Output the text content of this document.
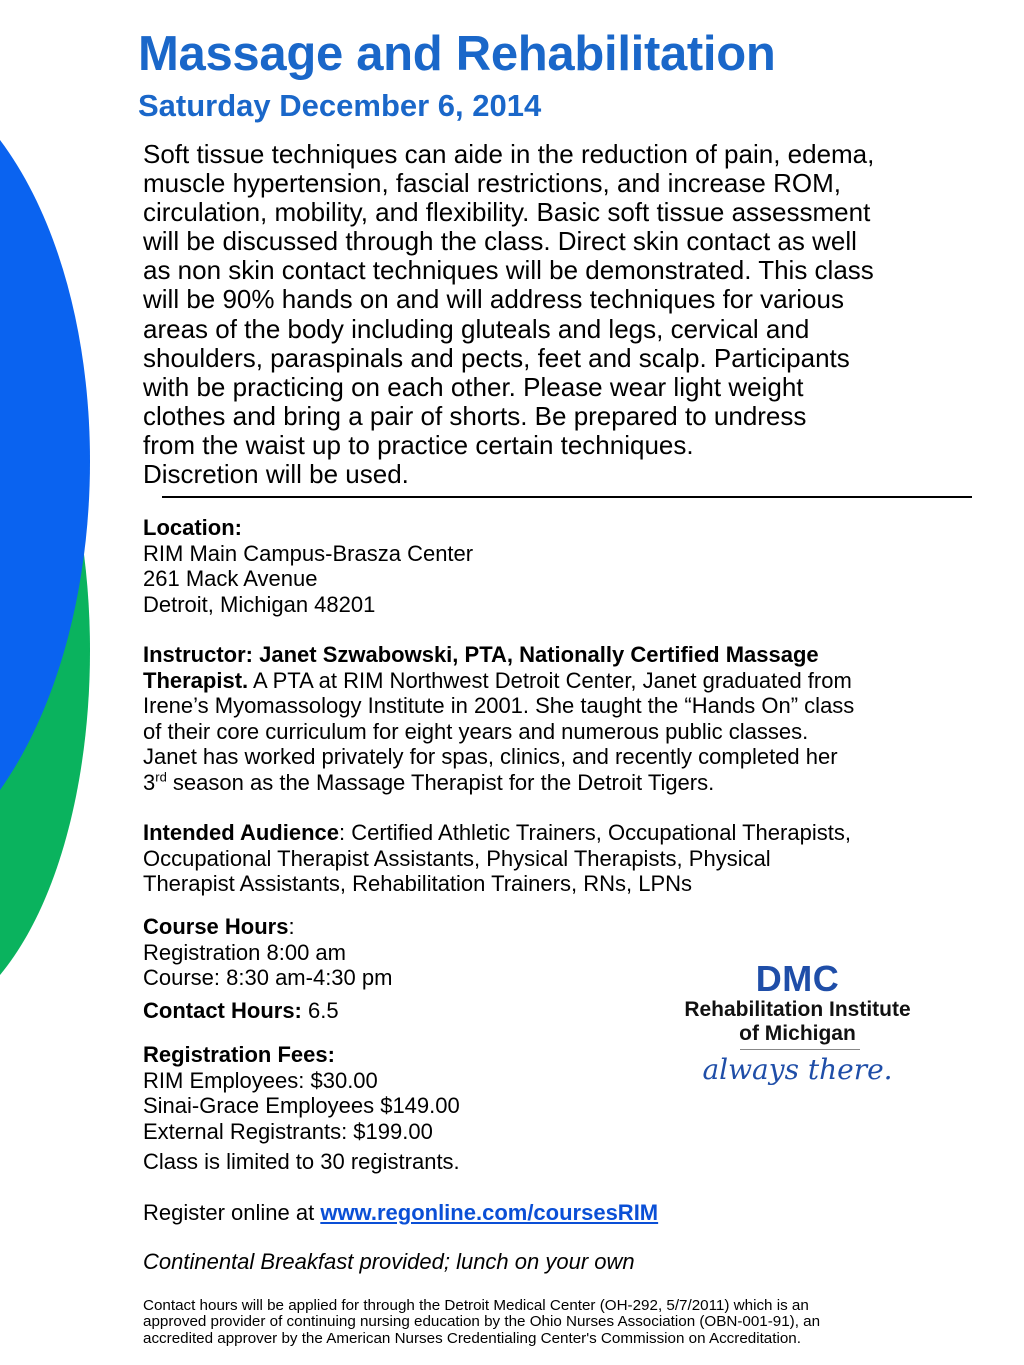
Massage and Rehabilitation
Saturday December 6, 2014
Soft tissue techniques can aide in the reduction of pain, edema,
muscle hypertension, fascial restrictions, and increase ROM,
circulation, mobility, and flexibility. Basic soft tissue assessment
will be discussed through the class. Direct skin contact as well
as non skin contact techniques will be demonstrated. This class
will be 90% hands on and will address techniques for various
areas of the body including gluteals and legs, cervical and
shoulders, paraspinals and pects, feet and scalp. Participants
with be practicing on each other. Please wear light weight
clothes and bring a pair of shorts. Be prepared to undress
from the waist up to practice certain techniques.
Discretion will be used.
Location:
RIM Main Campus-Brasza Center
261 Mack Avenue
Detroit, Michigan 48201
Instructor: Janet Szwabowski, PTA, Nationally Certified Massage
Therapist. A PTA at RIM Northwest Detroit Center, Janet graduated from
Irene’s Myomassology Institute in 2001. She taught the “Hands On” class
of their core curriculum for eight years and numerous public classes.
Janet has worked privately for spas, clinics, and recently completed her
3rd season as the Massage Therapist for the Detroit Tigers.
Intended Audience: Certified Athletic Trainers, Occupational Therapists,
Occupational Therapist Assistants, Physical Therapists, Physical
Therapist Assistants, Rehabilitation Trainers, RNs, LPNs
Course Hours:
Registration 8:00 am
Course: 8:30 am-4:30 pm
Contact Hours: 6.5
Registration Fees:
RIM Employees: $30.00
Sinai-Grace Employees $149.00
External Registrants: $199.00
Class is limited to 30 registrants.
Register online at www.regonline.com/coursesRIM
Continental Breakfast provided; lunch on your own
Contact hours will be applied for through the Detroit Medical Center (OH-292, 5/7/2011) which is an
approved provider of continuing nursing education by the Ohio Nurses Association (OBN-001-91), an
accredited approver by the American Nurses Credentialing Center's Commission on Accreditation.
DMC
Rehabilitation Institute
of Michigan
always there.
